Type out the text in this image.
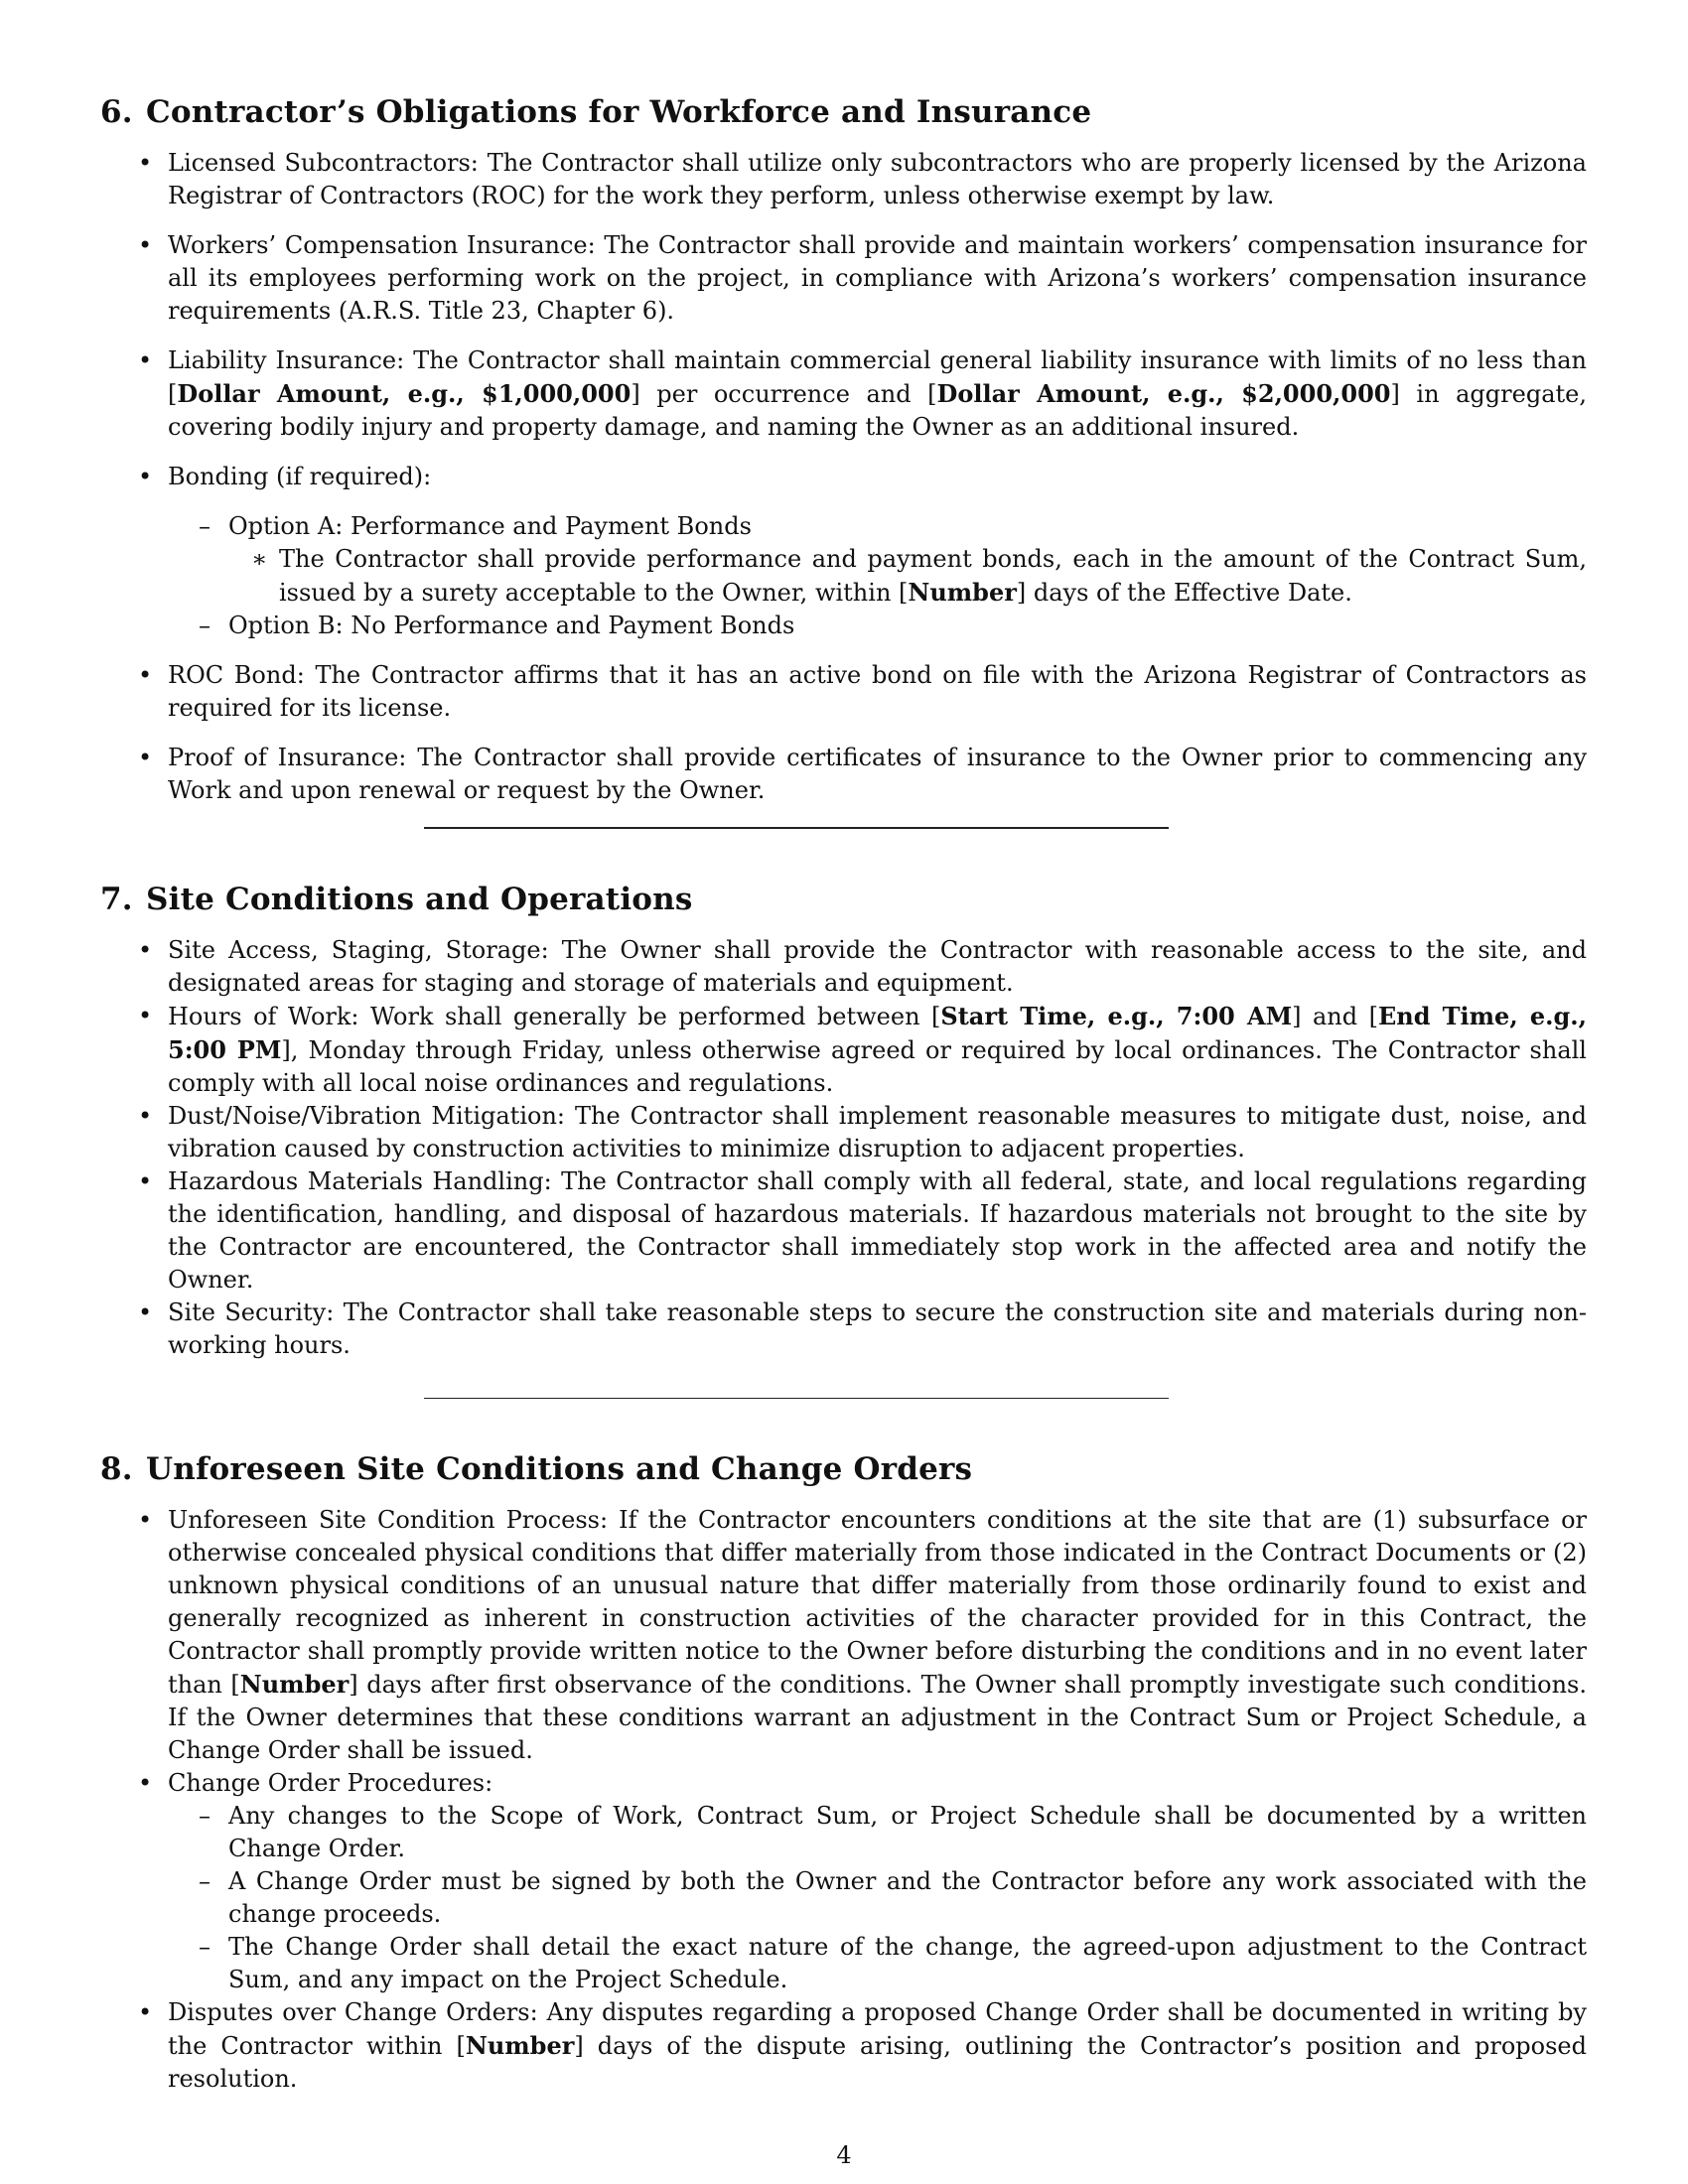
6. Contractor’s Obligations for Workforce and Insurance
• Licensed Subcontractors: The Contractor shall utilize only subcontractors who are properly licensed by the Arizona Registrar of Contractors (ROC) for the work they perform, unless otherwise exempt by law.
• Workers’ Compensation Insurance: The Contractor shall provide and maintain workers’ compensation insurance for all its employees performing work on the project, in compliance with Arizona’s workers’ compensation insurance requirements (A.R.S. Title 23, Chapter 6).
• Liability Insurance: The Contractor shall maintain commercial general liability insurance with limits of no less than [Dollar Amount, e.g., $1,000,000] per occurrence and [Dollar Amount, e.g., $2,000,000] in aggregate, covering bodily injury and property damage, and naming the Owner as an additional insured.
• Bonding (if required):
– Option A: Performance and Payment Bonds
∗ The Contractor shall provide performance and payment bonds, each in the amount of the Contract Sum, issued by a surety acceptable to the Owner, within [Number] days of the Effective Date.
– Option B: No Performance and Payment Bonds
• ROC Bond: The Contractor affirms that it has an active bond on file with the Arizona Registrar of Contractors as required for its license.
• Proof of Insurance: The Contractor shall provide certificates of insurance to the Owner prior to commencing any Work and upon renewal or request by the Owner.
7. Site Conditions and Operations
• Site Access, Staging, Storage: The Owner shall provide the Contractor with reasonable access to the site, and designated areas for staging and storage of materials and equipment.
• Hours of Work: Work shall generally be performed between [Start Time, e.g., 7:00 AM] and [End Time, e.g., 5:00 PM], Monday through Friday, unless otherwise agreed or required by local ordinances. The Contractor shall comply with all local noise ordinances and regulations.
• Dust/Noise/Vibration Mitigation: The Contractor shall implement reasonable measures to mitigate dust, noise, and vibration caused by construction activities to minimize disruption to adjacent properties.
• Hazardous Materials Handling: The Contractor shall comply with all federal, state, and local regulations regarding the identification, handling, and disposal of hazardous materials. If hazardous materials not brought to the site by the Contractor are encountered, the Contractor shall immediately stop work in the affected area and notify the Owner.
• Site Security: The Contractor shall take reasonable steps to secure the construction site and materials during non-working hours.
8. Unforeseen Site Conditions and Change Orders
• Unforeseen Site Condition Process: If the Contractor encounters conditions at the site that are (1) subsurface or otherwise concealed physical conditions that differ materially from those indicated in the Contract Documents or (2) unknown physical conditions of an unusual nature that differ materially from those ordinarily found to exist and generally recognized as inherent in construction activities of the character provided for in this Contract, the Contractor shall promptly provide written notice to the Owner before disturbing the conditions and in no event later than [Number] days after first observance of the conditions. The Owner shall promptly investigate such conditions. If the Owner determines that these conditions warrant an adjustment in the Contract Sum or Project Schedule, a Change Order shall be issued.
• Change Order Procedures:
– Any changes to the Scope of Work, Contract Sum, or Project Schedule shall be documented by a written Change Order.
– A Change Order must be signed by both the Owner and the Contractor before any work associated with the change proceeds.
– The Change Order shall detail the exact nature of the change, the agreed-upon adjustment to the Contract Sum, and any impact on the Project Schedule.
• Disputes over Change Orders: Any disputes regarding a proposed Change Order shall be documented in writing by the Contractor within [Number] days of the dispute arising, outlining the Contractor’s position and proposed resolution.
4
